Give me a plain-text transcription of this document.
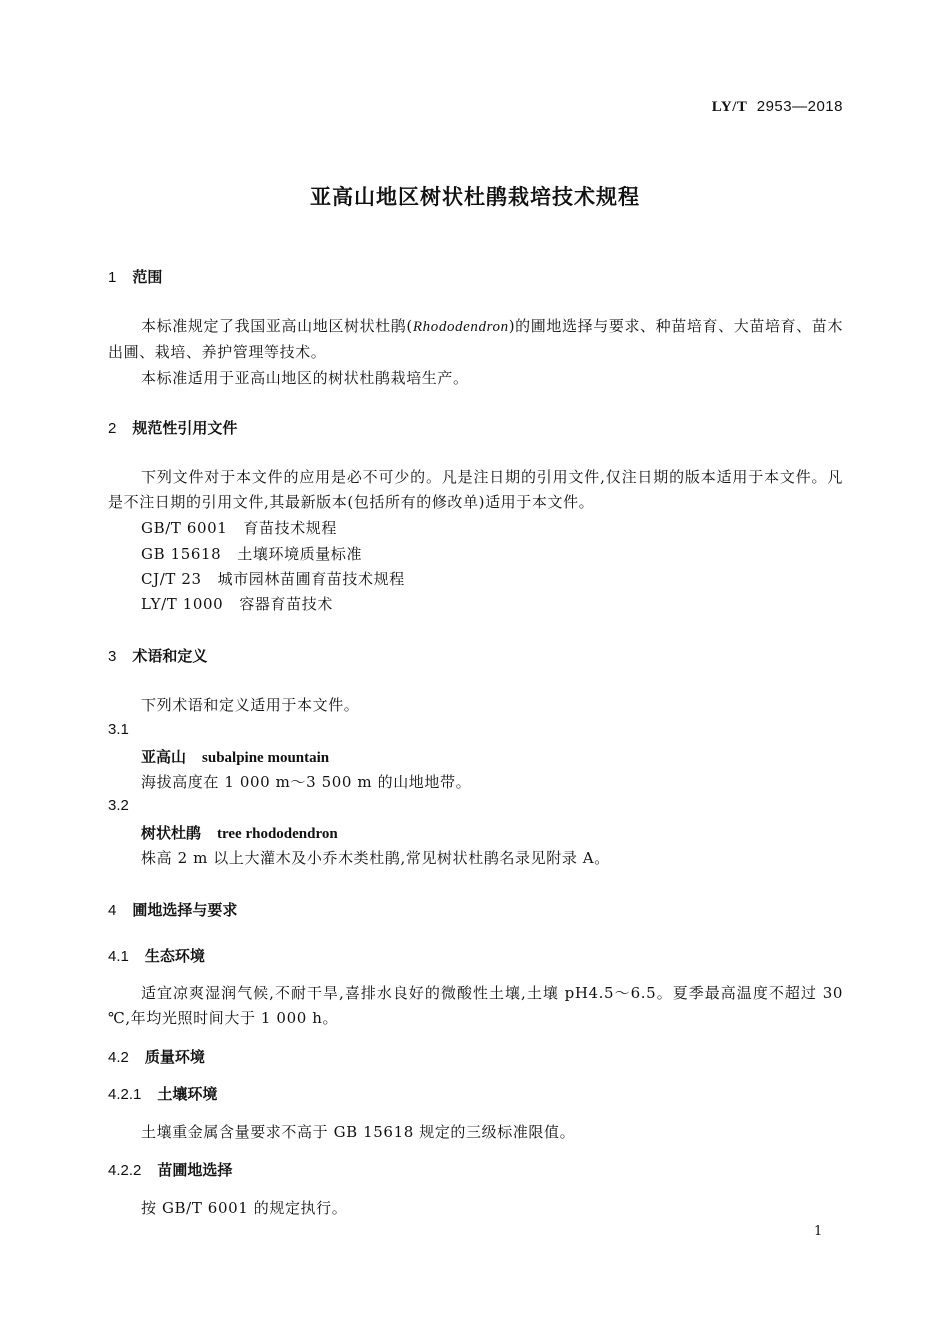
LY/T 2953—2018
亚高山地区树状杜鹃栽培技术规程
1 范围
本标准规定了我国亚高山地区树状杜鹃(Rhododendron)的圃地选择与要求、种苗培育、大苗培育、苗木出圃、栽培、养护管理等技术。
本标准适用于亚高山地区的树状杜鹃栽培生产。
2 规范性引用文件
下列文件对于本文件的应用是必不可少的。凡是注日期的引用文件,仅注日期的版本适用于本文件。凡是不注日期的引用文件,其最新版本(包括所有的修改单)适用于本文件。
GB/T 6001 育苗技术规程
GB 15618 土壤环境质量标准
CJ/T 23 城市园林苗圃育苗技术规程
LY/T 1000 容器育苗技术
3 术语和定义
下列术语和定义适用于本文件。
3.1
亚高山 subalpine mountain
海拔高度在 1 000 m～3 500 m 的山地地带。
3.2
树状杜鹃 tree rhododendron
株高 2 m 以上大灌木及小乔木类杜鹃,常见树状杜鹃名录见附录 A。
4 圃地选择与要求
4.1 生态环境
适宜凉爽湿润气候,不耐干旱,喜排水良好的微酸性土壤,土壤 pH4.5～6.5。夏季最高温度不超过 30 ℃,年均光照时间大于 1 000 h。
4.2 质量环境
4.2.1 土壤环境
土壤重金属含量要求不高于 GB 15618 规定的三级标准限值。
4.2.2 苗圃地选择
按 GB/T 6001 的规定执行。
1
